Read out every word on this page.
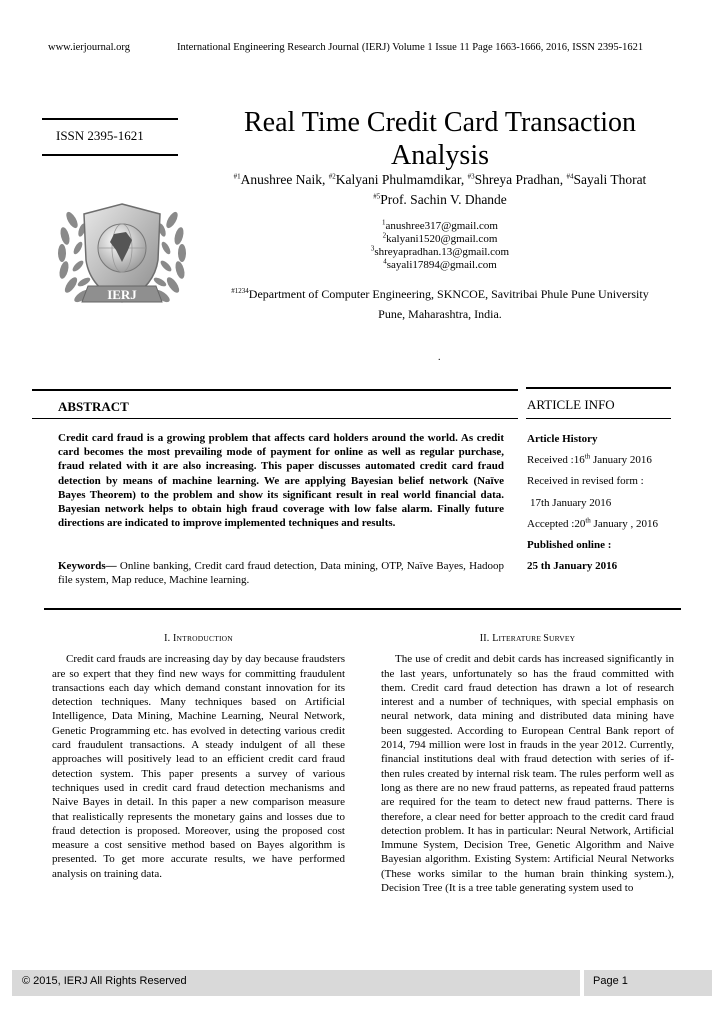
www.ierjournal.org	International Engineering Research Journal (IERJ) Volume 1 Issue 11 Page 1663-1666, 2016, ISSN 2395-1621
ISSN 2395-1621
IERJ
Real Time Credit Card Transaction
Analysis
$^{\#1}$Anushree Naik, $^{\#2}$Kalyani Phulmamdikar, $^{\#3}$Shreya Pradhan, $^{\#4}$Sayali Thorat
$^{\#5}$Prof. Sachin V. Dhande
$^1$anushree317@gmail.com
$^2$kalyani1520@gmail.com
$^3$shreyapradhan.13@gmail.com
$^4$sayali17894@gmail.com
$^{\#1234}$Department of Computer Engineering, SKNCOE, Savitribai Phule Pune University
Pune, Maharashtra, India.
.
ABSTRACT
Credit card fraud is a growing problem that affects card holders around the world. As credit card becomes the most prevailing mode of payment for online as well as regular purchase, fraud related with it are also increasing. This paper discusses automated credit card fraud detection by means of machine learning. We are applying Bayesian belief network (Naïve Bayes Theorem) to the problem and show its significant result in real world financial data. Bayesian network helps to obtain high fraud coverage with low false alarm. Finally future directions are indicated to improve implemented techniques and results.
Keywords— Online banking, Credit card fraud detection, Data mining, OTP, Naïve Bayes, Hadoop file system, Map reduce, Machine learning.
ARTICLE INFO
Article History
Received :16th January 2016
Received in revised form :
17th January 2016
Accepted :20th January , 2016
Published online :
25 th January 2016
I. INTRODUCTION

Credit card frauds are increasing day by day because fraudsters are so expert that they find new ways for committing fraudulent transactions each day which demand constant innovation for its detection techniques. Many techniques based on Artificial Intelligence, Data Mining, Machine Learning, Neural Network, Genetic Programming etc. has evolved in detecting various credit card fraudulent transactions. A steady indulgent of all these approaches will positively lead to an efficient credit card fraud detection system. This paper presents a survey of various techniques used in credit card fraud detection mechanisms and Naive Bayes in detail. In this paper a new comparison measure that realistically represents the monetary gains and losses due to fraud detection is proposed. Moreover, using the proposed cost measure a cost sensitive method based on Bayes algorithm is presented. To get more accurate results, we have performed analysis on training data.

II. LITERATURE SURVEY

The use of credit and debit cards has increased significantly in the last years, unfortunately so has the fraud committed with them. Credit card fraud detection has drawn a lot of research interest and a number of techniques, with special emphasis on neural network, data mining and distributed data mining have been suggested. According to European Central Bank report of 2014, 794 million were lost in frauds in the year 2012. Currently, financial institutions deal with fraud detection with series of if-then rules created by internal risk team. The rules perform well as long as there are no new fraud patterns, as repeated fraud patterns are required for the team to detect new fraud patterns. There is therefore, a clear need for better approach to the credit card fraud detection problem. It has in particular: Neural Network, Artificial Immune System, Decision Tree, Genetic Algorithm and Naive Bayesian algorithm. Existing System: Artificial Neural Networks (These works similar to the human brain thinking system.), Decision Tree (It is a tree table generating system used to

© 2015, IERJ All Rights Reserved	Page 1
